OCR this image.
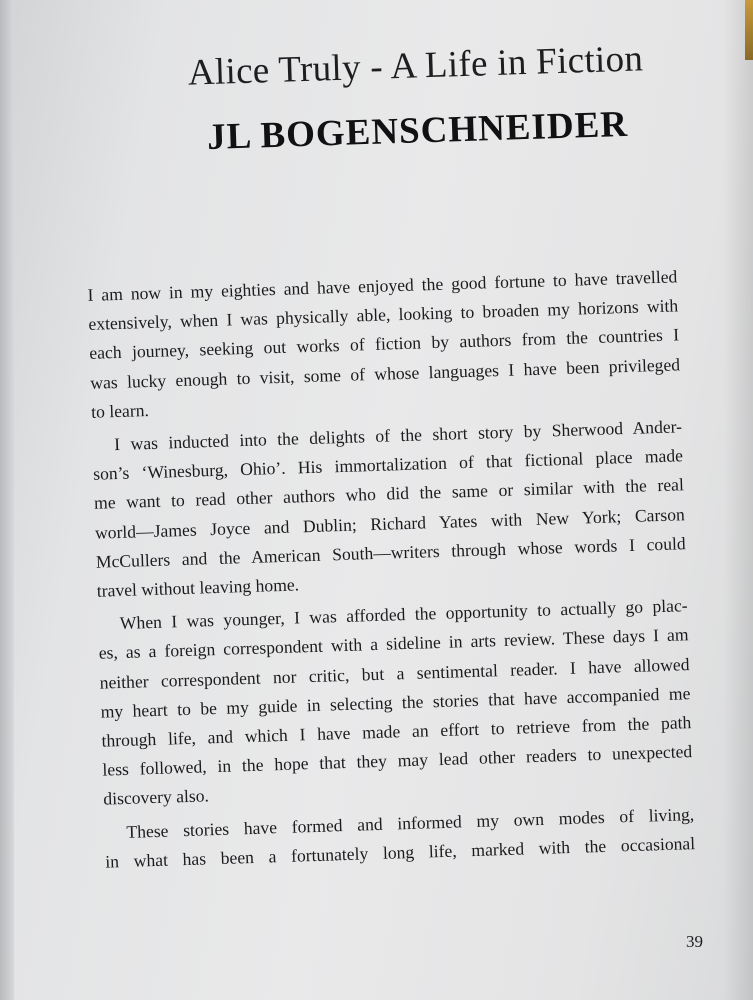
Alice Truly - A Life in Fiction
JL BOGENSCHNEIDER
I am now in my eighties and have enjoyed the good fortune to have travelled
extensively, when I was physically able, looking to broaden my horizons with
each journey, seeking out works of fiction by authors from the countries I
was lucky enough to visit, some of whose languages I have been privileged
to learn.
I was inducted into the delights of the short story by Sherwood Ander-
son’s ‘Winesburg, Ohio’. His immortalization of that fictional place made
me want to read other authors who did the same or similar with the real
world—James Joyce and Dublin; Richard Yates with New York; Carson
McCullers and the American South—writers through whose words I could
travel without leaving home.
When I was younger, I was afforded the opportunity to actually go plac-
es, as a foreign correspondent with a sideline in arts review. These days I am
neither correspondent nor critic, but a sentimental reader. I have allowed
my heart to be my guide in selecting the stories that have accompanied me
through life, and which I have made an effort to retrieve from the path
less followed, in the hope that they may lead other readers to unexpected
discovery also.
These stories have formed and informed my own modes of living,
in what has been a fortunately long life, marked with the occasional
39
